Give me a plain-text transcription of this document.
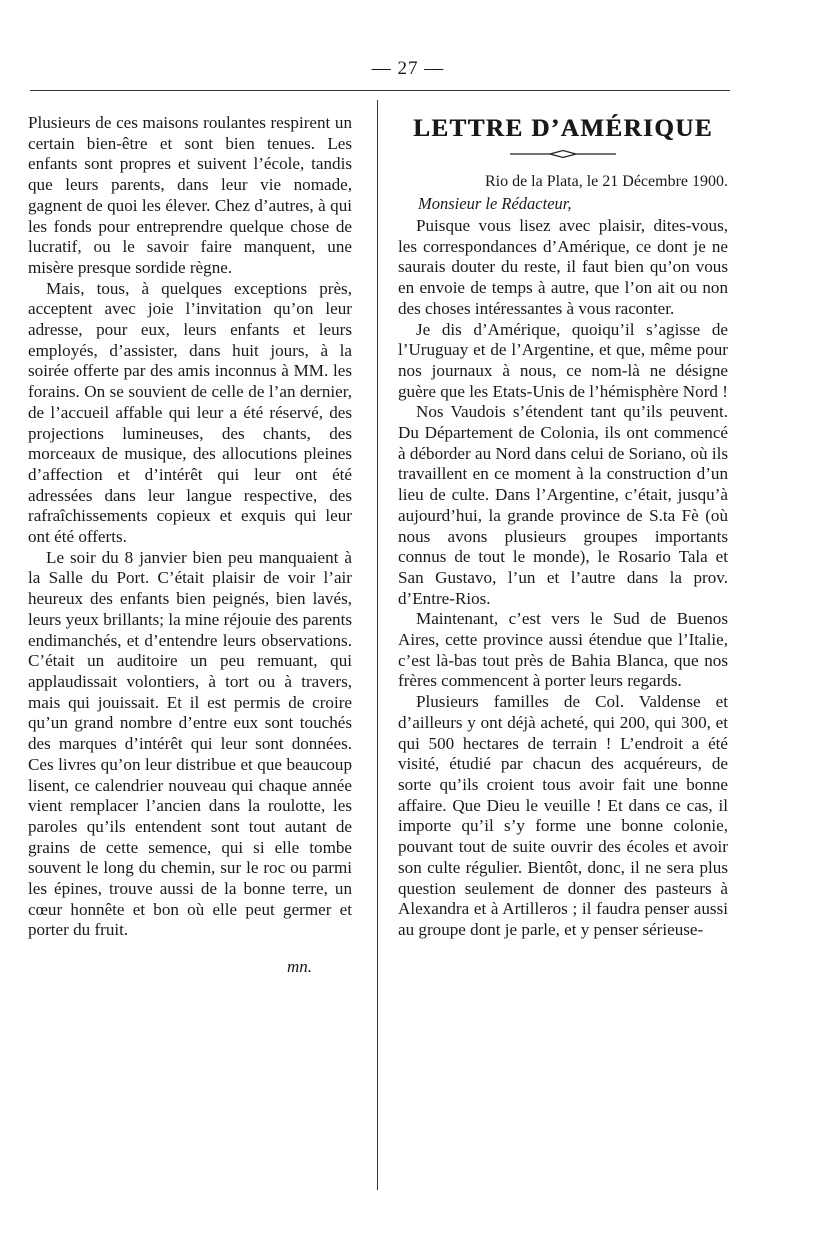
— 27 —

Plusieurs de ces maisons roulantes respirent un certain bien-être et sont bien tenues. Les enfants sont propres et suivent l’école, tandis que leurs parents, dans leur vie nomade, gagnent de quoi les élever. Chez d’autres, à qui les fonds pour entreprendre quelque chose de lucratif, ou le savoir faire manquent, une misère presque sordide règne.

Mais, tous, à quelques exceptions près, acceptent avec joie l’invitation qu’on leur adresse, pour eux, leurs enfants et leurs employés, d’assister, dans huit jours, à la soirée offerte par des amis inconnus à MM. les forains. On se souvient de celle de l’an dernier, de l’accueil affable qui leur a été réservé, des projections lumineuses, des chants, des morceaux de musique, des allocutions pleines d’affection et d’intérêt qui leur ont été adressées dans leur langue respective, des rafraîchissements copieux et exquis qui leur ont été offerts.

Le soir du 8 janvier bien peu manquaient à la Salle du Port. C’était plaisir de voir l’air heureux des enfants bien peignés, bien lavés, leurs yeux brillants; la mine réjouie des parents endimanchés, et d’entendre leurs observations. C’était un auditoire un peu remuant, qui applaudissait volontiers, à tort ou à travers, mais qui jouissait. Et il est permis de croire qu’un grand nombre d’entre eux sont touchés des marques d’intérêt qui leur sont données. Ces livres qu’on leur distribue et que beaucoup lisent, ce calendrier nouveau qui chaque année vient remplacer l’ancien dans la roulotte, les paroles qu’ils entendent sont tout autant de grains de cette semence, qui si elle tombe souvent le long du chemin, sur le roc ou parmi les épines, trouve aussi de la bonne terre, un cœur honnête et bon où elle peut germer et porter du fruit.

mn.
LETTRE D’AMÉRIQUE

Rio de la Plata, le 21 Décembre 1900.

Monsieur le Rédacteur,

Puisque vous lisez avec plaisir, dites-vous, les correspondances d’Amérique, ce dont je ne saurais douter du reste, il faut bien qu’on vous en envoie de temps à autre, que l’on ait ou non des choses intéressantes à vous raconter.

Je dis d’Amérique, quoiqu’il s’agisse de l’Uruguay et de l’Argentine, et que, même pour nos journaux à nous, ce nom-là ne désigne guère que les Etats-Unis de l’hémisphère Nord !

Nos Vaudois s’étendent tant qu’ils peuvent. Du Département de Colonia, ils ont commencé à déborder au Nord dans celui de Soriano, où ils travaillent en ce moment à la construction d’un lieu de culte. Dans l’Argentine, c’était, jusqu’à aujourd’hui, la grande province de S.ta Fè (où nous avons plusieurs groupes importants connus de tout le monde), le Rosario Tala et San Gustavo, l’un et l’autre dans la prov. d’Entre-Rios.

Maintenant, c’est vers le Sud de Buenos Aires, cette province aussi étendue que l’Italie, c’est là-bas tout près de Bahia Blanca, que nos frères commencent à porter leurs regards.

Plusieurs familles de Col. Valdense et d’ailleurs y ont déjà acheté, qui 200, qui 300, et qui 500 hectares de terrain ! L’endroit a été visité, étudié par chacun des acquéreurs, de sorte qu’ils croient tous avoir fait une bonne affaire. Que Dieu le veuille ! Et dans ce cas, il importe qu’il s’y forme une bonne colonie, pouvant tout de suite ouvrir des écoles et avoir son culte régulier. Bientôt, donc, il ne sera plus question seulement de donner des pasteurs à Alexandra et à Artilleros ; il faudra penser aussi au groupe dont je parle, et y penser sérieuse-
